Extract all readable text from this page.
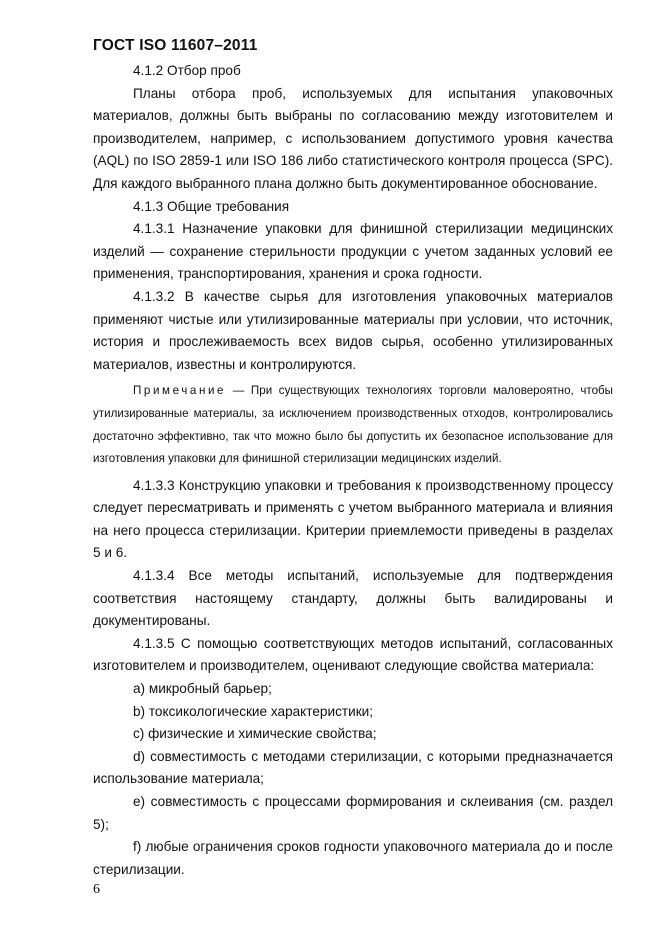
ГОСТ ISO 11607–2011

4.1.2 Отбор проб

Планы отбора проб, используемых для испытания упаковочных материалов, должны быть выбраны по согласованию между изготовителем и производителем, например, с использованием допустимого уровня качества (AQL) по ISO 2859-1 или ISO 186 либо статистического контроля процесса (SPC). Для каждого выбранного плана должно быть документированное обоснование.

4.1.3 Общие требования

4.1.3.1 Назначение упаковки для финишной стерилизации медицинских изделий — сохранение стерильности продукции с учетом заданных условий ее применения, транспортирования, хранения и срока годности.

4.1.3.2 В качестве сырья для изготовления упаковочных материалов применяют чистые или утилизированные материалы при условии, что источник, история и прослеживаемость всех видов сырья, особенно утилизированных материалов, известны и контролируются.

Примечание — При существующих технологиях торговли маловероятно, чтобы утилизированные материалы, за исключением производственных отходов, контролировались достаточно эффективно, так что можно было бы допустить их безопасное использование для изготовления упаковки для финишной стерилизации медицинских изделий.

4.1.3.3 Конструкцию упаковки и требования к производственному процессу следует пересматривать и применять с учетом выбранного материала и влияния на него процесса стерилизации. Критерии приемлемости приведены в разделах 5 и 6.

4.1.3.4 Все методы испытаний, используемые для подтверждения соответствия настоящему стандарту, должны быть валидированы и документированы.

4.1.3.5 С помощью соответствующих методов испытаний, согласованных изготовителем и производителем, оценивают следующие свойства материала:

a) микробный барьер;

b) токсикологические характеристики;

c) физические и химические свойства;

d) совместимость с методами стерилизации, с которыми предназначается использование материала;

e) совместимость с процессами формирования и склеивания (см. раздел 5);

f) любые ограничения сроков годности упаковочного материала до и после стерилизации.

6
